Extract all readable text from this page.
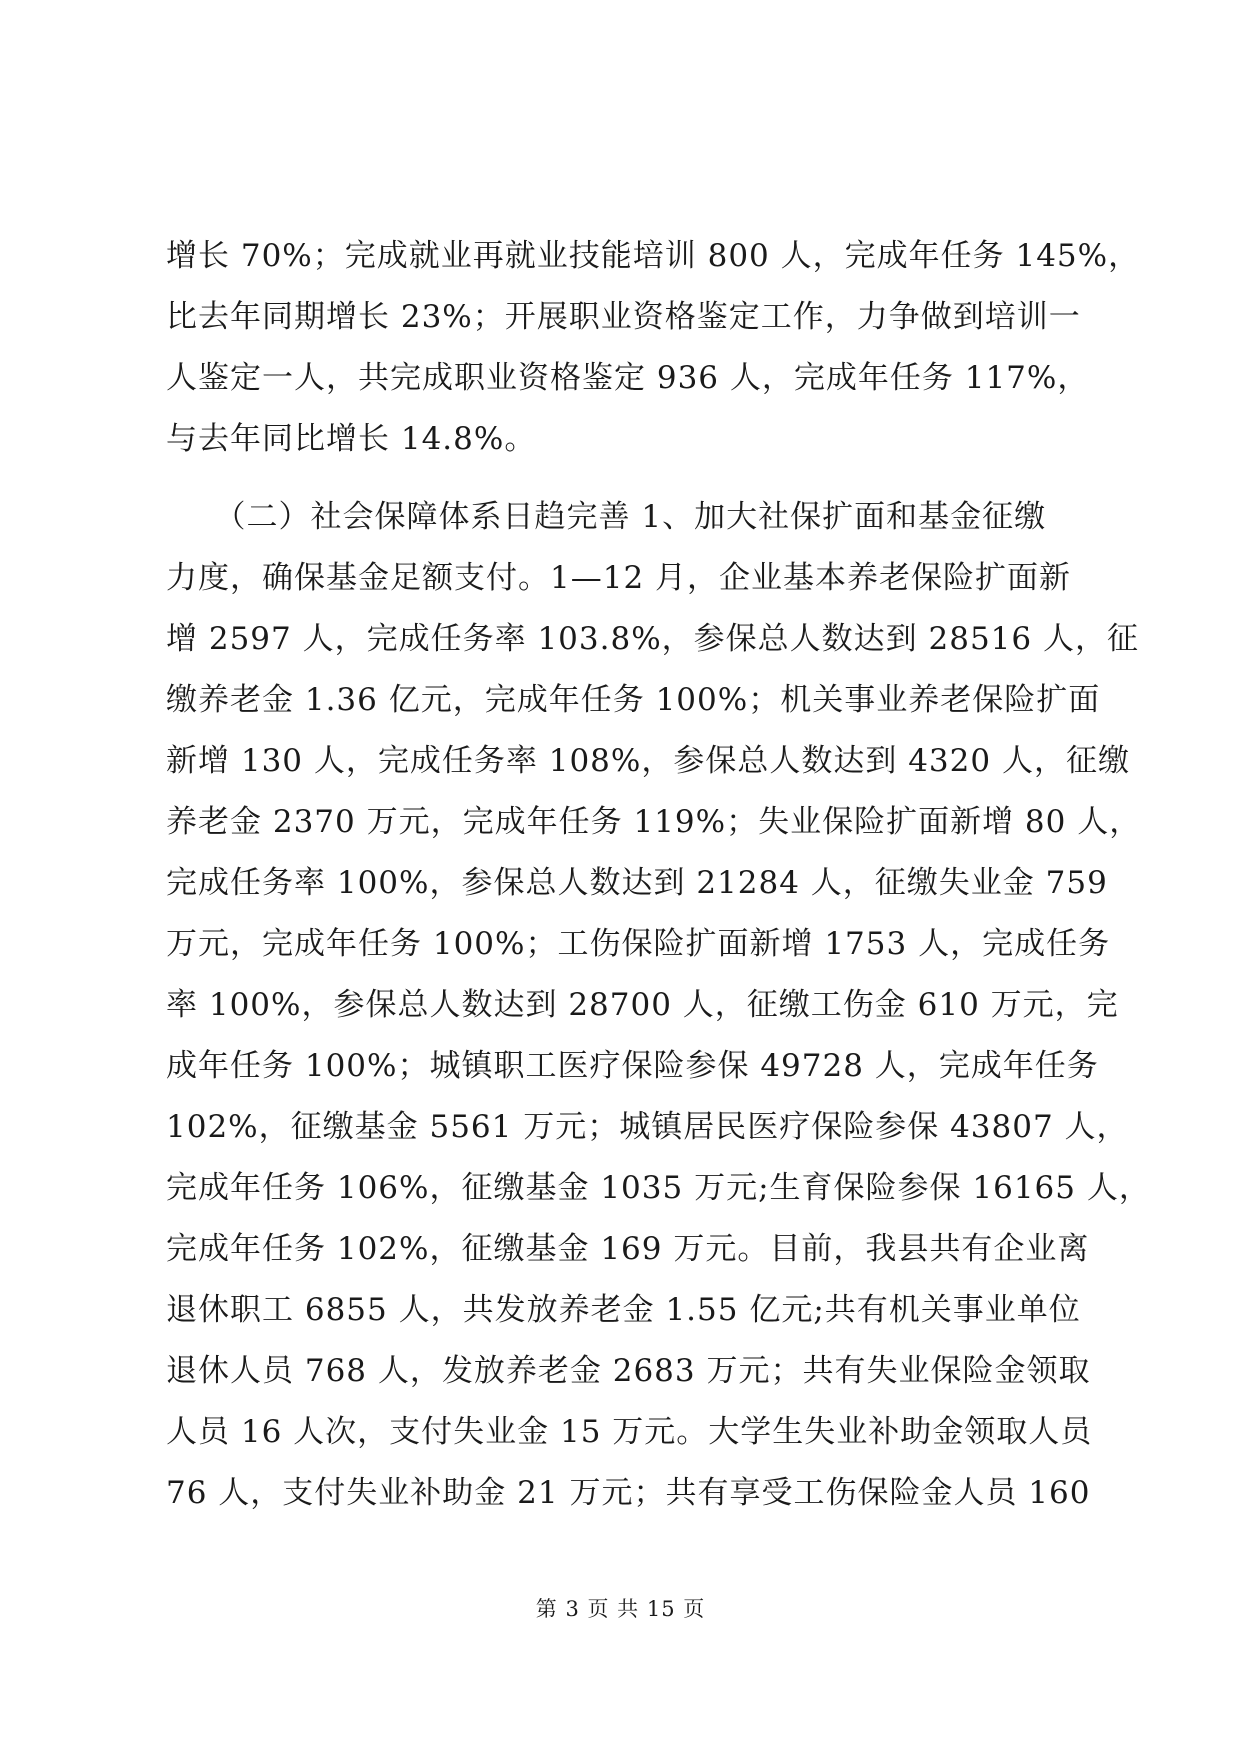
增长 70%；完成就业再就业技能培训 800 人，完成年任务 145%，
比去年同期增长 23%；开展职业资格鉴定工作，力争做到培训一
人鉴定一人，共完成职业资格鉴定 936 人，完成年任务 117%，
与去年同比增长 14.8%。
　　（二）社会保障体系日趋完善 1、加大社保扩面和基金征缴
力度，确保基金足额支付。1—12 月，企业基本养老保险扩面新
增 2597 人，完成任务率 103.8%，参保总人数达到 28516 人，征
缴养老金 1.36 亿元，完成年任务 100%；机关事业养老保险扩面
新增 130 人，完成任务率 108%，参保总人数达到 4320 人，征缴
养老金 2370 万元，完成年任务 119%；失业保险扩面新增 80 人，
完成任务率 100%，参保总人数达到 21284 人，征缴失业金 759
万元，完成年任务 100%；工伤保险扩面新增 1753 人，完成任务
率 100%，参保总人数达到 28700 人，征缴工伤金 610 万元，完
成年任务 100%；城镇职工医疗保险参保 49728 人，完成年任务
102%，征缴基金 5561 万元；城镇居民医疗保险参保 43807 人，
完成年任务 106%，征缴基金 1035 万元;生育保险参保 16165 人，
完成年任务 102%，征缴基金 169 万元。目前，我县共有企业离
退休职工 6855 人，共发放养老金 1.55 亿元;共有机关事业单位
退休人员 768 人，发放养老金 2683 万元；共有失业保险金领取
人员 16 人次，支付失业金 15 万元。大学生失业补助金领取人员
76 人，支付失业补助金 21 万元；共有享受工伤保险金人员 160
第 3 页 共 15 页
